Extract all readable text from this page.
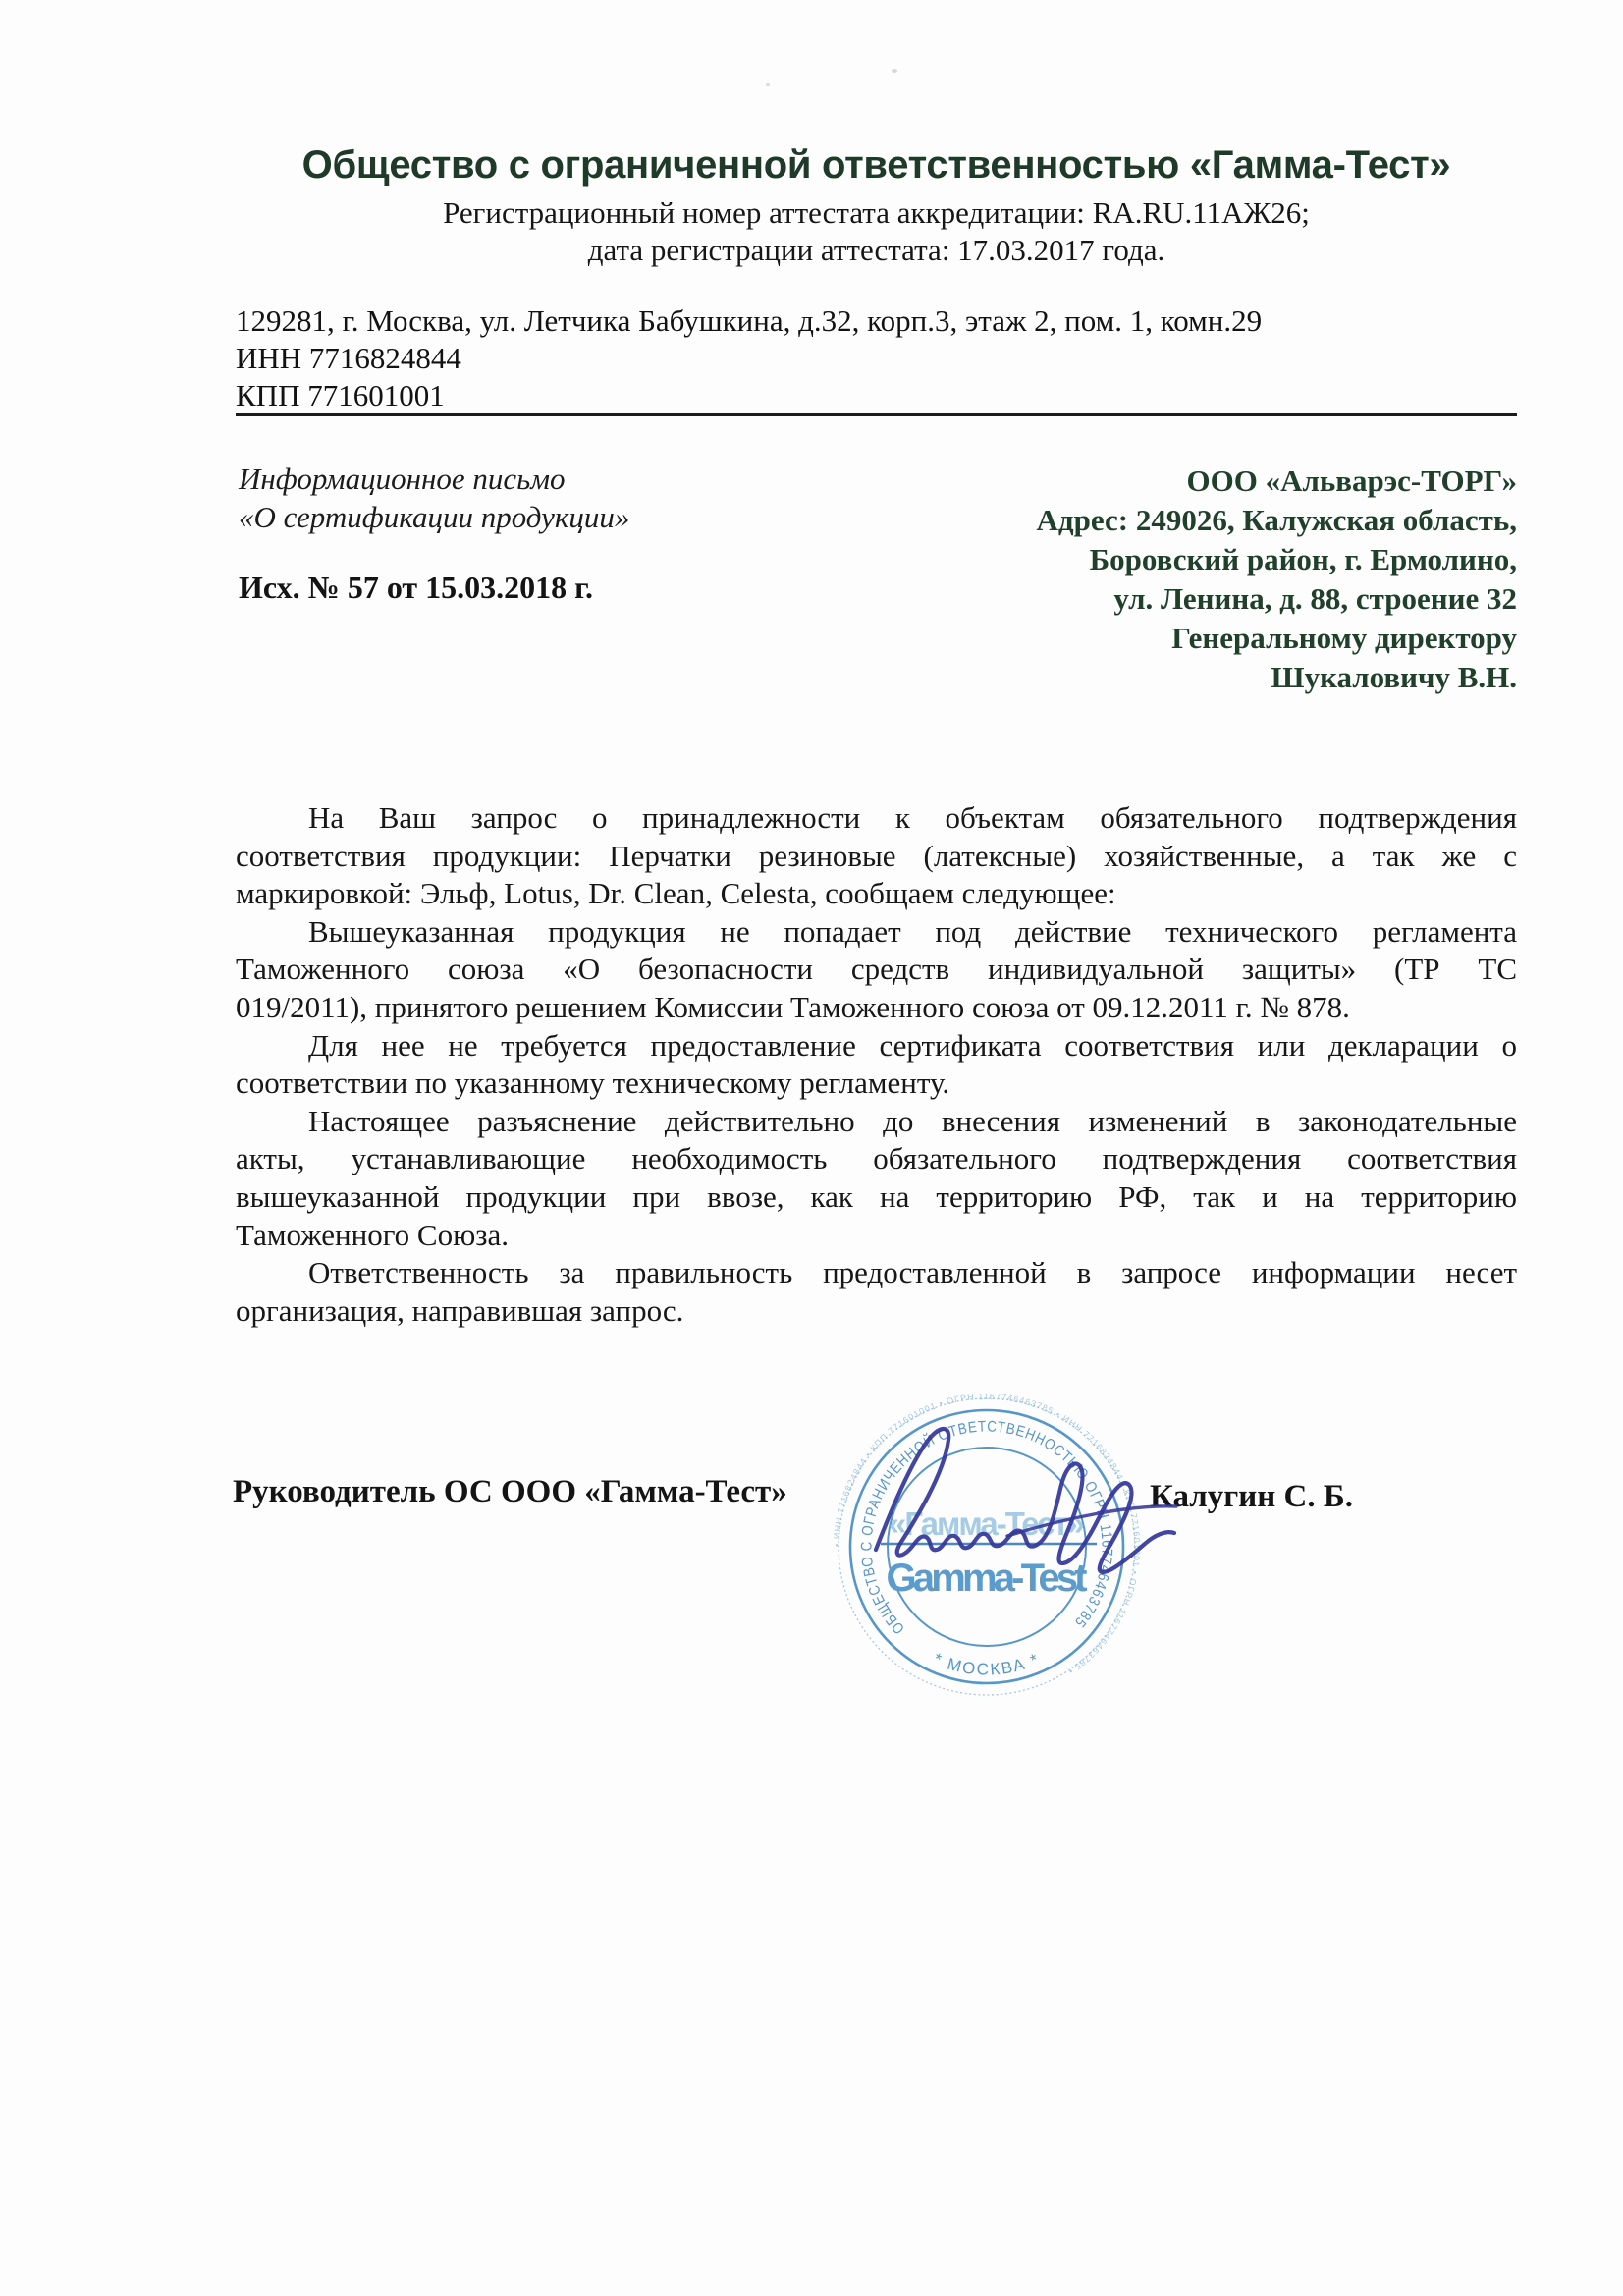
Общество с ограниченной ответственностью «Гамма-Тест»
Регистрационный номер аттестата аккредитации: RA.RU.11АЖ26;
дата регистрации аттестата: 17.03.2017 года.
129281, г. Москва, ул. Летчика Бабушкина, д.32, корп.3, этаж 2, пом. 1, комн.29
ИНН 7716824844
КПП 771601001
Информационное письмо
«О сертификации продукции»
Исх. № 57 от 15.03.2018 г.
ООО «Альварэс-ТОРГ»
Адрес: 249026, Калужская область,
Боровский район, г. Ермолино,
ул. Ленина, д. 88, строение 32
Генеральному директору
Шукаловичу В.Н.
На Ваш запрос о принадлежности к объектам обязательного подтверждения
соответствия продукции: Перчатки резиновые (латексные) хозяйственные, а так же с
маркировкой: Эльф, Lotus, Dr. Clean, Celesta, сообщаем следующее:
Вышеуказанная продукция не попадает под действие технического регламента
Таможенного союза «О безопасности средств индивидуальной защиты» (ТР ТС
019/2011), принятого решением Комиссии Таможенного союза от 09.12.2011 г. № 878.
Для нее не требуется предоставление сертификата соответствия или декларации о
соответствии по указанному техническому регламенту.
Настоящее разъяснение действительно до внесения изменений в законодательные
акты, устанавливающие необходимость обязательного подтверждения соответствия
вышеуказанной продукции при ввозе, как на территорию РФ, так и на территорию
Таможенного Союза.
Ответственность за правильность предоставленной в запросе информации несет
организация, направившая запрос.
Руководитель ОС ООО «Гамма-Тест»	Калугин С. Б.
ОБЩЕСТВО С ОГРАНИЧЕННОЙ ОТВЕТСТВЕННОСТЬЮ ОГРН 1167746463785
* МОСКВА *
• ИНН 7716824844 • КПП 771601001 • ОГРН 1167746463785 • ИНН 7716824844 • КПП 771601001 • ОГРН 1167746463785 •
«Гамма-Тест»
Gamma-Test
